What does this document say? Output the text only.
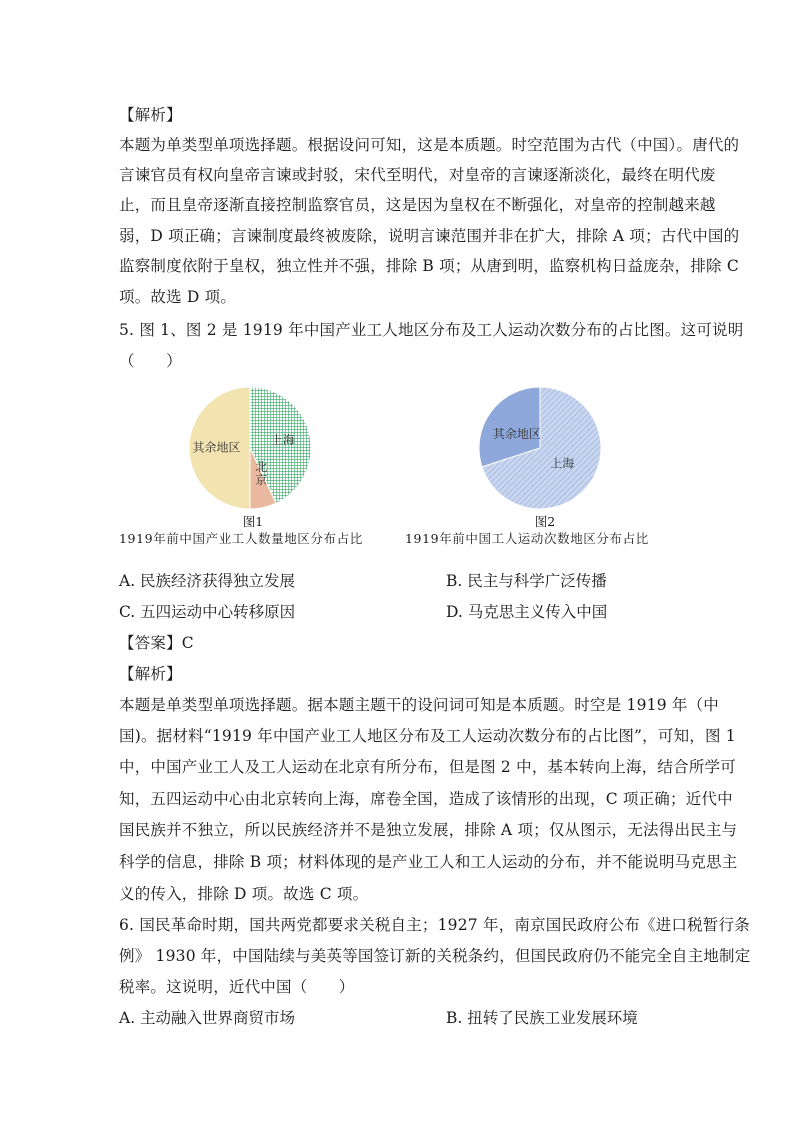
【解析】
本题为单类型单项选择题。根据设问可知，这是本质题。时空范围为古代（中国）。唐代的
言谏官员有权向皇帝言谏或封驳，宋代至明代，对皇帝的言谏逐渐淡化，最终在明代废
止，而且皇帝逐渐直接控制监察官员，这是因为皇权在不断强化，对皇帝的控制越来越
弱，D 项正确；言谏制度最终被废除，说明言谏范围并非在扩大，排除 A 项；古代中国的
监察制度依附于皇权，独立性并不强，排除 B 项；从唐到明，监察机构日益庞杂，排除 C
项。故选 D 项。
5. 图 1、图 2 是 1919 年中国产业工人地区分布及工人运动次数分布的占比图。这可说明
（　　）
上海
北
京
其余地区
图1
1919年前中国产业工人数量地区分布占比
上海
其余地区
图2
1919年前中国工人运动次数地区分布占比
A. 民族经济获得独立发展	B. 民主与科学广泛传播
C. 五四运动中心转移原因	D. 马克思主义传入中国
【答案】C
【解析】
本题是单类型单项选择题。据本题主题干的设问词可知是本质题。时空是 1919 年（中
国)。据材料“1919 年中国产业工人地区分布及工人运动次数分布的占比图”，可知，图 1
中，中国产业工人及工人运动在北京有所分布，但是图 2 中，基本转向上海，结合所学可
知，五四运动中心由北京转向上海，席卷全国，造成了该情形的出现，C 项正确；近代中
国民族并不独立，所以民族经济并不是独立发展，排除 A 项；仅从图示，无法得出民主与
科学的信息，排除 B 项；材料体现的是产业工人和工人运动的分布，并不能说明马克思主
义的传入，排除 D 项。故选 C 项。
6. 国民革命时期，国共两党都要求关税自主；1927 年，南京国民政府公布《进口税暂行条
例》 1930 年，中国陆续与美英等国签订新的关税条约，但国民政府仍不能完全自主地制定
税率。这说明，近代中国（　　）
A. 主动融入世界商贸市场	B. 扭转了民族工业发展环境
